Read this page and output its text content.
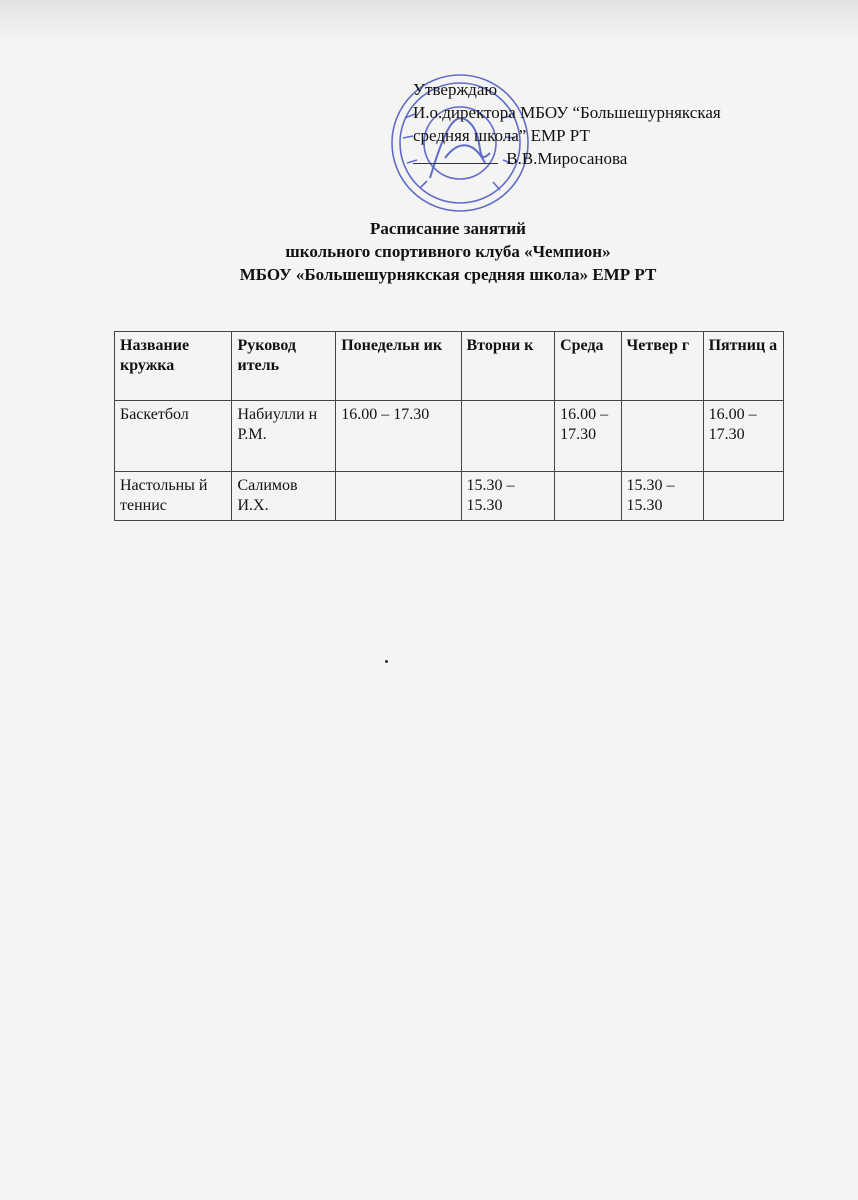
Утверждаю
И.о.директора МБОУ “Большешурнякская
средняя школа” ЕМР РТ
В.В.Миросанова
Расписание занятий
школьного спортивного клуба «Чемпион»
МБОУ «Большешурнякская средняя школа» ЕМР РТ
Название кружка	Руковод итель	Понедельн ик	Вторни к	Среда	Четвер г	Пятниц а
Баскетбол	Набиулли н Р.М.	16.00 – 17.30		16.00 – 17.30		16.00 – 17.30
Настольны й теннис	Салимов И.Х.		15.30 – 15.30		15.30 – 15.30	
